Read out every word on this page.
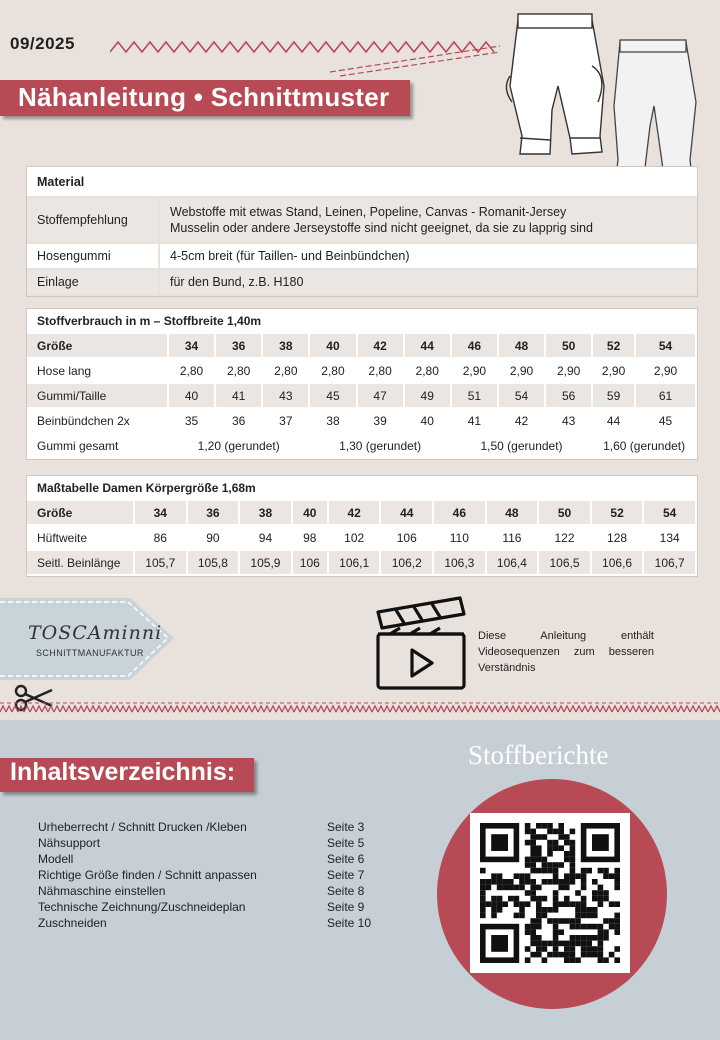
09/2025
Nähanleitung • Schnittmuster
Material	
Stoffempfehlung	Webstoffe mit etwas Stand, Leinen, Popeline, Canvas - Romanit-Jersey
Musselin oder andere Jerseystoffe sind nicht geeignet, da sie zu lapprig sind

Hosengummi	4-5cm breit (für Taillen- und Beinbündchen)
Einlage	für den Bund, z.B. H180
Stoffverbrauch in m – Stoffbreite 1,40m											
Größe	34	36	38	40	42	44	46	48	50	52	54
Hose lang	2,80	2,80	2,80	2,80	2,80	2,80	2,90	2,90	2,90	2,90	2,90
Gummi/Taille	40	41	43	45	47	49	51	54	56	59	61
Beinbündchen 2x	35	36	37	38	39	40	41	42	43	44	45
Gummi gesamt	1,20 (gerundet)			1,30 (gerundet)			1,50 (gerundet)			1,60 (gerundet)	
Maßtabelle Damen Körpergröße 1,68m											
Größe	34	36	38	40	42	44	46	48	50	52	54
Hüftweite	86	90	94	98	102	106	110	116	122	128	134
Seitl. Beinlänge	105,7	105,8	105,9	106	106,1	106,2	106,3	106,4	106,5	106,6	106,7
TOSCAminni
SCHNITTMANUFAKTUR
Diese Anleitung enthält Videosequenzen zum besseren Verständnis
Inhaltsverzeichnis:
Urheberrecht / Schnitt Drucken /Kleben	Seite 3
Nähsupport	Seite 5
Modell	Seite 6
Richtige Größe finden / Schnitt anpassen	Seite 7
Nähmaschine einstellen	Seite 8
Technische Zeichnung/Zuschneideplan	Seite 9
Zuschneiden	Seite 10
Stoffberichte
